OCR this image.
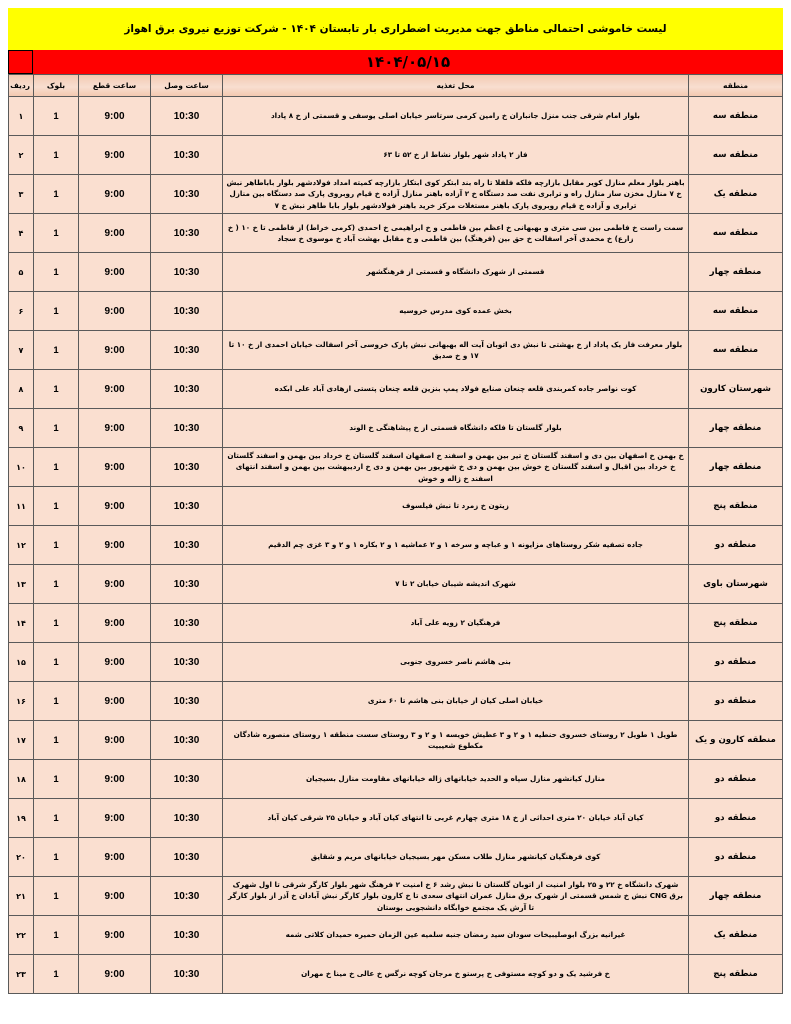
لیست خاموشی احتمالی مناطق جهت مدیریت اضطراری بار تابستان ۱۴۰۴ - شرکت توزیع نیروی برق اهواز
۱۴۰۴/۰۵/۱۵
منطقه	محل تغذیه	ساعت وصل	ساعت قطع	بلوک	ردیف
منطقه سه	بلوار امام شرقی جنب منزل جانباران خ رامین کرمی سرتاسر خیابان اصلی یوسفی و قسمتی از خ ۸ پاداد	10:30	9:00	1	۱
منطقه سه	فاز ۲ پاداد شهر بلوار نشاط از خ ۵۲ تا ۶۳	10:30	9:00	1	۲
منطقه یک	باهنر بلوار معلم منازل کویر مقابل بازارچه فلکه فلفلا تا راه بند ابتکر کوی ابتکار بازارچه کمیته امداد فولادشهر بلوار باباطاهر نبش خ ۷ منازل مخزن ساز منازل راه و ترابری نفت صد دستگاه خ ۲ آزاده باهنر منازل آزاده خ قیام روبروی پارک صد دستگاه بین منازل ترابری و آزاده خ قیام روبروی پارک باهنر مستغلات مرکز خرید باهنر فولادشهر بلوار بابا طاهر نبش خ ۷	10:30	9:00	1	۳
منطقه سه	سمت راست خ فاطمی بین سی متری و بهبهانی خ اعظم بین فاطمی و خ ابراهیمی خ احمدی (کرمی خراط) از فاطمی تا خ ۱۰ ( خ زارع) خ محمدی آخر اسفالت خ حق بین (فرهنگ) بین فاطمی و خ مقابل بهشت آباد خ موسوی خ سجاد	10:30	9:00	1	۴
منطقه چهار	قسمتی از شهرک دانشگاه و قسمتی از فرهنگشهر	10:30	9:00	1	۵
منطقه سه	بخش عمده کوی مدرس خروسیه	10:30	9:00	1	۶
منطقه سه	بلوار معرفت فاز یک پاداد از خ بهشتی تا نبش دی اتوبان آیت اله بهبهانی نبش پارک خروسی آخر اسفالت خیابان احمدی از خ ۱۰ تا ۱۷ و خ صدیق	10:30	9:00	1	۷
شهرستان کارون	کوت نواصر جاده کمربندی قلعه چنعان صنایع فولاد پمپ بنزین قلعه چنعان پتستی ازهادی آباد علی ابکده	10:30	9:00	1	۸
منطقه چهار	بلوار گلستان تا فلکه دانشگاه قسمتی از خ پیشاهنگی خ الوند	10:30	9:00	1	۹
منطقه چهار	خ بهمن خ اصفهان بین دی و اسفند گلستان خ تیر بین بهمن و اسفند خ اصفهان اسفند گلستان خ خرداد بین بهمن و اسفند گلستان خ خرداد بین اقبال و اسفند گلستان خ خوش بین بهمن و دی خ شهریور بین بهمن و دی خ اردیبهشت بین بهمن و اسفند انتهای اسفند خ ژاله و خوش	10:30	9:00	1	۱۰
منطقه پنج	زیتون خ زمرد تا نبش فیلسوف	10:30	9:00	1	۱۱
منطقه دو	جاده تصفیه شکر روستاهای مزایونه ۱ و عباچه و سرخه ۱ و ۲ عماشیه ۱ و ۲ بکاره ۱ و ۲ و ۳ غزی چم الدقیم	10:30	9:00	1	۱۲
شهرستان باوی	شهرک اندیشه شیبان خیابان ۲ تا ۷	10:30	9:00	1	۱۳
منطقه پنج	فرهنگیان ۲ زویه علی آباد	10:30	9:00	1	۱۴
منطقه دو	بنی هاشم ناصر خسروی جنوبی	10:30	9:00	1	۱۵
منطقه دو	خیابان اصلی کیان از خیابان بنی هاشم تا ۶۰ متری	10:30	9:00	1	۱۶
منطقه کارون و یک	طویل ۱ طویل ۲ روستای خسروی حنطیه ۱ و ۲ و ۳ عطیش خویسه ۱ و ۲ و ۳ روستای سست منطقه ۱ روستای منصوره شادگان مکطوع شعیبیت	10:30	9:00	1	۱۷
منطقه دو	منازل کیانشهر منازل سپاه و الحدید خیابانهای ژاله خیابانهای مقاومت منازل بسیجیان	10:30	9:00	1	۱۸
منطقه دو	کیان آباد خیابان ۲۰ متری احداثی از خ ۱۸ متری چهارم غربی تا انتهای کیان آباد و خیابان ۲۵ شرقی کیان آباد	10:30	9:00	1	۱۹
منطقه دو	کوی فرهنگیان کیانشهر منازل طلاب مسکن مهر بسیجیان خیابانهای مریم و شقایق	10:30	9:00	1	۲۰
منطقه چهار	شهرک دانشگاه خ ۲۲ و ۲۵ بلوار امنیت از اتوبان گلستان تا نبش رشد ۶ خ امنیت ۲ فرهنگ شهر بلوار کارگر شرقی تا اول شهرک برق CNG نبش خ شمس قسمتی از شهرک برق منازل عمران انتهای سعدی تا خ کارون بلوار کارگر نبش آبادان خ آذر از بلوار کارگر تا آرش یک مجتمع خوابگاه دانشجویی بوستان	10:30	9:00	1	۲۱
منطقه یک	غیرانیه بزرگ ابوصلیبیخات سودان سید رمضان جنبه سلمیه عین الزمان حمیره حمیدان کلاتی شمه	10:30	9:00	1	۲۲
منطقه پنج	خ فرشید یک و دو کوچه مستوفی خ پرستو خ مرجان کوچه نرگس خ عالی خ مینا خ مهران	10:30	9:00	1	۲۳
